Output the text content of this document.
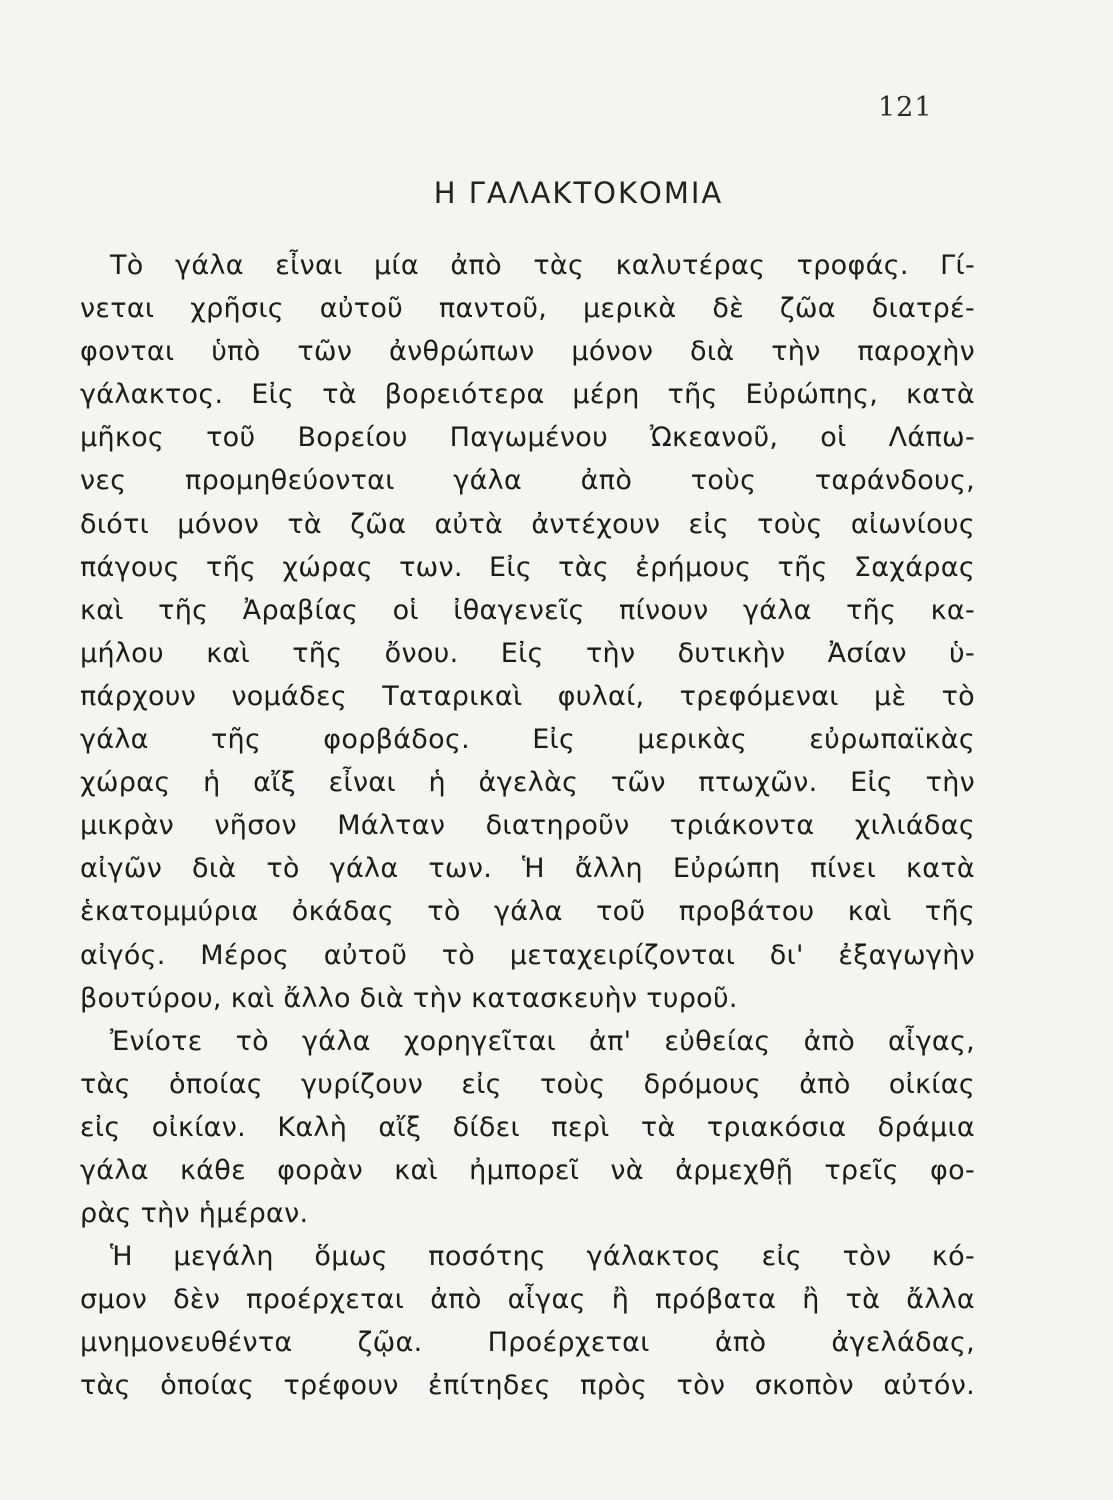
121
Η ΓΑΛΑΚΤΟΚΟΜΙΑ
Τὸ γάλα εἶναι μία ἀπὸ τὰς καλυτέρας τροφάς. Γί-
νεται χρῆσις αὐτοῦ παντοῦ, μερικὰ δὲ ζῶα διατρέ-
φονται ὑπὸ τῶν ἀνθρώπων μόνον διὰ τὴν παροχὴν
γάλακτος. Εἰς τὰ βορειότερα μέρη τῆς Εὐρώπης, κατὰ
μῆκος τοῦ Βορείου Παγωμένου Ὠκεανοῦ, οἱ Λάπω-
νες προμηθεύονται γάλα ἀπὸ τοὺς ταράνδους,
διότι μόνον τὰ ζῶα αὐτὰ ἀντέχουν εἰς τοὺς αἰωνίους
πάγους τῆς χώρας των. Εἰς τὰς ἐρήμους τῆς Σαχάρας
καὶ τῆς Ἀραβίας οἱ ἰθαγενεῖς πίνουν γάλα τῆς κα-
μήλου καὶ τῆς ὄνου. Εἰς τὴν δυτικὴν Ἀσίαν ὑ-
πάρχουν νομάδες Ταταρικαὶ φυλαί, τρεφόμεναι μὲ τὸ
γάλα τῆς φορβάδος. Εἰς μερικὰς εὐρωπαϊκὰς
χώρας ἡ αἴξ εἶναι ἡ ἀγελὰς τῶν πτωχῶν. Εἰς τὴν
μικρὰν νῆσον Μάλταν διατηροῦν τριάκοντα χιλιάδας
αἰγῶν διὰ τὸ γάλα των. Ἡ ἄλλη Εὐρώπη πίνει κατὰ
ἑκατομμύρια ὀκάδας τὸ γάλα τοῦ προβάτου καὶ τῆς
αἰγός. Μέρος αὐτοῦ τὸ μεταχειρίζονται δι' ἐξαγωγὴν
βουτύρου, καὶ ἄλλο διὰ τὴν κατασκευὴν τυροῦ.
Ἐνίοτε τὸ γάλα χορηγεῖται ἀπ' εὐθείας ἀπὸ αἶγας,
τὰς ὁποίας γυρίζουν εἰς τοὺς δρόμους ἀπὸ οἰκίας
εἰς οἰκίαν. Καλὴ αἴξ δίδει περὶ τὰ τριακόσια δράμια
γάλα κάθε φορὰν καὶ ἠμπορεῖ νὰ ἀρμεχθῇ τρεῖς φο-
ρὰς τὴν ἡμέραν.
Ἡ μεγάλη ὅμως ποσότης γάλακτος εἰς τὸν κό-
σμον δὲν προέρχεται ἀπὸ αἶγας ἢ πρόβατα ἢ τὰ ἄλλα
μνημονευθέντα ζῷα. Προέρχεται ἀπὸ ἀγελάδας,
τὰς ὁποίας τρέφουν ἐπίτηδες πρὸς τὸν σκοπὸν αὐτόν.
